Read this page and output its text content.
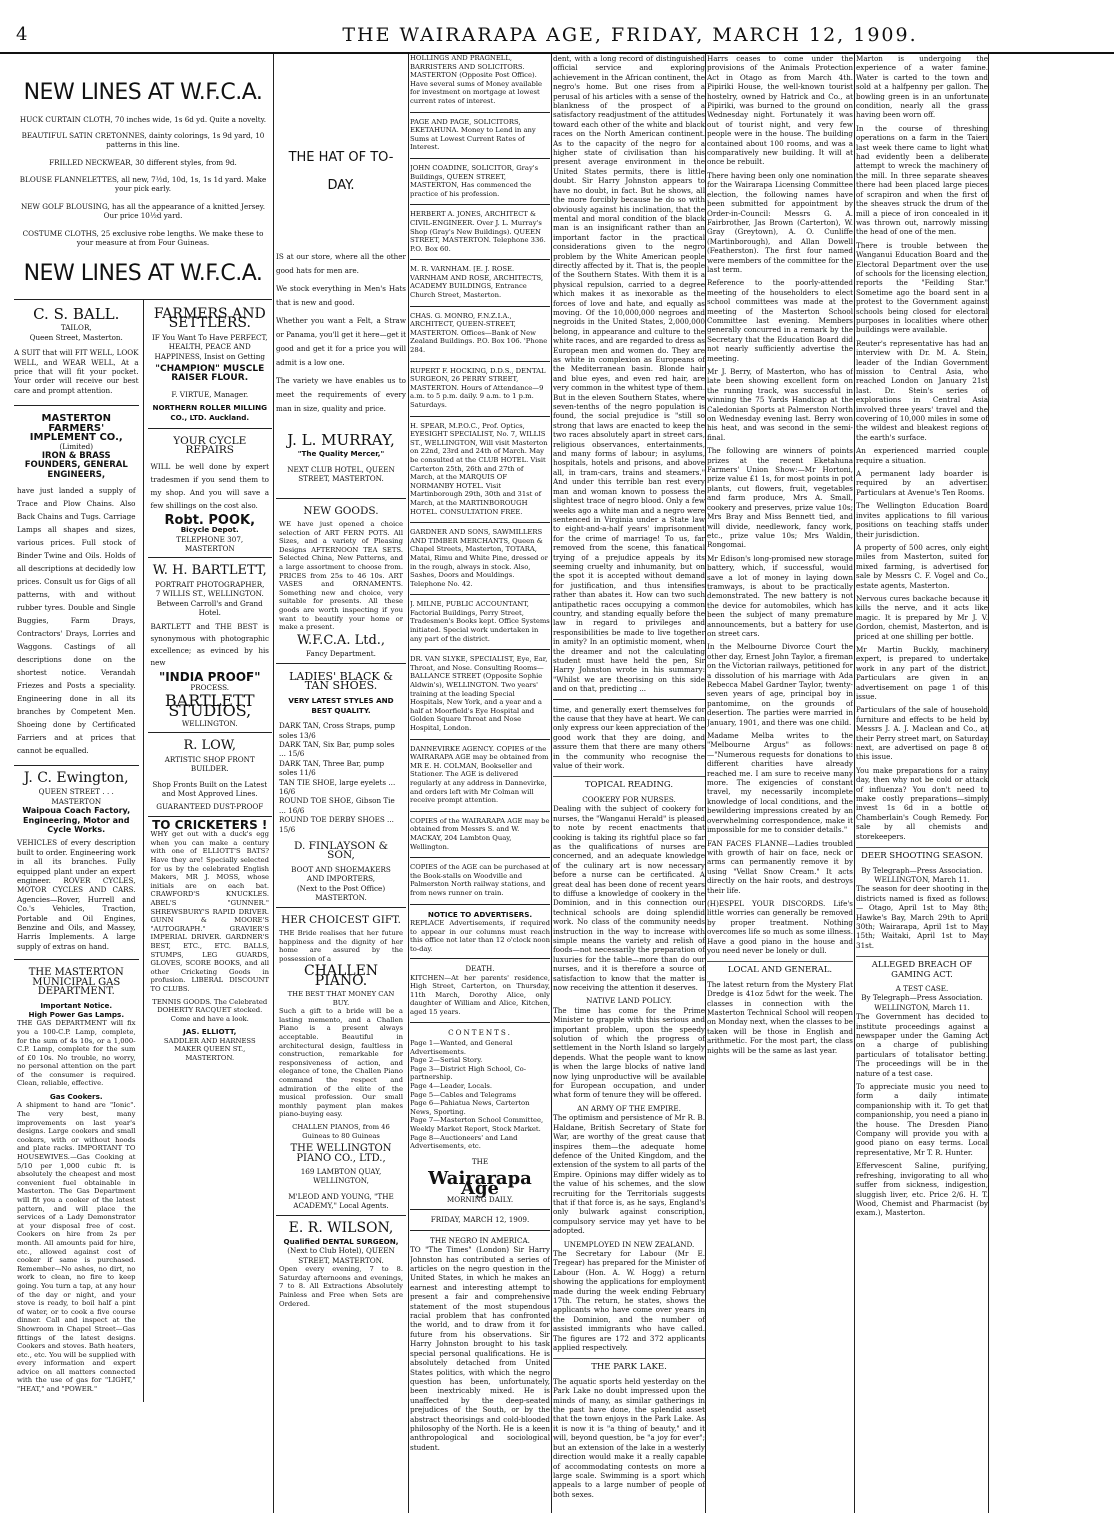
4	THE WAIRARAPA AGE, FRIDAY, MARCH 12, 1909.
NEW LINES AT W.F.C.A.
HUCK CURTAIN CLOTH, 70 inches wide, 1s 6d yd. Quite a novelty.
BEAUTIFUL SATIN CRETONNES, dainty colorings, 1s 9d yard, 10 patterns in this line.
FRILLED NECKWEAR, 30 different styles, from 9d.
BLOUSE FLANNELETTES, all new, 7½d, 10d, 1s, 1s 1d yard. Make your pick early.
NEW GOLF BLOUSING, has all the appearance of a knitted Jersey. Our price 10½d yard.
COSTUME CLOTHS, 25 exclusive robe lengths. We make these to your measure at from Four Guineas.
NEW LINES AT W.F.C.A.
C. S. BALL.
TAILOR,
Queen Street, Masterton.

A SUIT that will FIT WELL, LOOK WELL, and WEAR WELL, At a price that will fit your pocket. Your order will receive our best care and prompt attention.

MASTERTON FARMERS' IMPLEMENT CO.,
(Limited)
IRON & BRASS FOUNDERS, GENERAL ENGINEERS,

have just landed a supply of Trace and Plow Chains. Also Back Chains and Tugs. Carriage Lamps all shapes and sizes, various prices. Full stock of Binder Twine and Oils. Holds of all descriptions at decidedly low prices. Consult us for Gigs of all patterns, with and without rubber tyres. Double and Single Buggies, Farm Drays, Contractors' Drays, Lorries and Waggons. Castings of all descriptions done on the shortest notice. Verandah Friezes and Posts a speciality. Engineering done in all its branches by Competent Men. Shoeing done by Certificated Farriers and at prices that cannot be equalled.

J. C. Ewington,
QUEEN STREET . . . MASTERTON
Waipoua Coach Factory, Engineering, Motor and Cycle Works.

VEHICLES of every description built to order. Engineering work in all its branches. Fully equipped plant under an expert engineer. ROVER CYCLES, MOTOR CYCLES AND CARS. Agencies—Rover, Hurrell and Co.'s Vehicles, Traction, Portable and Oil Engines, Benzine and Oils, and Massey, Harris Implements. A large supply of extras on hand.

THE MASTERTON MUNICIPAL GAS DEPARTMENT.
Important Notice.
High Power Gas Lamps.

THE GAS DEPARTMENT will fix you a 100-C.P. Lamp, complete, for the sum of 4s 10s, or a 1,000-C.P. Lamp, complete for the sum of £0 10s. No trouble, no worry, no personal attention on the part of the consumer is required. Clean, reliable, effective.

Gas Cookers.

A shipment to hand are "Ionic". The very best, many improvements on last year's designs. Large cookers and small cookers, with or without hoods and plate racks. IMPORTANT TO HOUSEWIVES.—Gas Cooking at 5/10 per 1,000 cubic ft. is absolutely the cheapest and most convenient fuel obtainable in Masterton. The Gas Department will fit you a cooker of the latest pattern, and will place the services of a Lady Demonstrator at your disposal free of cost. Cookers on hire from 2s per month. All amounts paid for hire, etc., allowed against cost of cooker if same is purchased. Remember—No ashes, no dirt, no work to clean, no fire to keep going. You turn a tap, at any hour of the day or night, and your stove is ready, to boil half a pint of water, or to cook a five course dinner. Call and inspect at the Showroom in Chapel Street—Gas fittings of the latest designs. Cookers and stoves. Bath heaters, etc., etc. You will be supplied with every information and expert advice on all matters connected with the use of gas for "LIGHT," "HEAT," and "POWER."

FARMERS AND SETTLERS.

IF You Want To Have PERFECT, HEALTH, PEACE AND HAPPINESS, Insist on Getting

"CHAMPION" MUSCLE RAISER FLOUR.
F. VIRTUE, Manager.
NORTHERN ROLLER MILLING CO., LTD. Auckland.
YOUR CYCLE REPAIRS

WILL be well done by expert tradesmen if you send them to my shop. And you will save a few shillings on the cost also.

Robt. POOK,
Bicycle Depot.
TELEPHONE 307, MASTERTON
W. H. BARTLETT,
PORTRAIT PHOTOGRAPHER,
7 WILLIS ST., WELLINGTON.
Between Carroll's and Grand Hotel.

BARTLETT and THE BEST is synonymous with photographic excellence; as evinced by his new

"INDIA PROOF"
PROCESS.
BARTLETT STUDIOS,
WELLINGTON.
R. LOW,
ARTISTIC SHOP FRONT BUILDER.

Shop Fronts Built on the Latest and Most Approved Lines.

GUARANTEED DUST-PROOF
TO CRICKETERS !

WHY get out with a duck's egg when you can make a century with one of ELLIOTT'S BATS? Have they are! Specially selected for us by the celebrated English Makers, MR J. MOSS, whose initials are on each bat. CRAWFORD'S KNUCKLES. ABEL'S "GUNNER." SHREWSBURY'S RAPID DRIVER. GUNN & MOORE'S "AUTOGRAPH." GRAVIER'S IMPERIAL DRIVER. GARDNER'S BEST, ETC., ETC. BALLS, STUMPS, LEG GUARDS, GLOVES, SCORE BOOKS, and all other Cricketing Goods in profusion. LIBERAL DISCOUNT TO CLUBS.

TENNIS GOODS. The Celebrated DOHERTY RACQUET stocked. Come and have a look.

JAS. ELLIOTT,
SADDLER AND HARNESS MAKER QUEEN ST., MASTERTON.
THE HAT OF TO-DAY.

IS at our store, where all the other good hats for men are.

We stock everything in Men's Hats that is new and good.

Whether you want a Felt, a Straw or Panama, you'll get it here—get it good and get it for a price you will admit is a low one.

The variety we have enables us to meet the requirements of every man in size, quality and price.

J. L. MURRAY,
"The Quality Mercer,"
NEXT CLUB HOTEL, QUEEN STREET, MASTERTON.
NEW GOODS.

WE have just opened a choice selection of ART FERN POTS. All Sizes, and a variety of Pleasing Designs AFTERNOON TEA SETS. Selected China, New Patterns, and a large assortment to choose from. PRICES from 25s to 46 10s. ART VASES and ORNAMENTS. Something new and choice, very suitable for presents. All these goods are worth inspecting if you want to beautify your home or make a present.

W.F.C.A. Ltd.,
Fancy Department.
LADIES' BLACK & TAN SHOES.
VERY LATEST STYLES AND BEST QUALITY.
DARK TAN, Cross Straps, pump soles 13/6
DARK TAN, Six Bar, pump soles ... 15/6
DARK TAN, Three Bar, pump soles 11/6
TAN TIE SHOE, large eyelets ... 16/6
ROUND TOE SHOE, Gibson Tie ... 16/6
ROUND TOE DERBY SHOES ... 15/6
D. FINLAYSON & SON,
BOOT AND SHOEMAKERS
AND IMPORTERS,
(Next to the Post Office) MASTERTON.
HER CHOICEST GIFT.

THE Bride realises that her future happiness and the dignity of her home are assured by the possession of a

CHALLEN PIANO.
THE BEST THAT MONEY CAN BUY.

Such a gift to a bride will be a lasting memento, and a Challen Piano is a present always acceptable. Beautiful in architectural design, faultless in construction, remarkable for responsiveness of action, and elegance of tone, the Challen Piano command the respect and admiration of the elite of the musical profession. Our small monthly payment plan makes piano-buying easy.

CHALLEN PIANOS, from 46 Guineas to 80 Guineas
THE WELLINGTON PIANO CO., LTD.,
169 LAMBTON QUAY, WELLINGTON,
M'LEOD AND YOUNG, "THE ACADEMY," Local Agents.
E. R. WILSON,
Qualified DENTAL SURGEON,
(Next to Club Hotel), QUEEN STREET, MASTERTON.

Open every evening, 7 to 8. Saturday afternoons and evenings, 7 to 8. All Extractions Absolutely Painless and Free when Sets are Ordered.

HOLLINGS AND PRAGNELL, BARRISTERS AND SOLICITORS. MASTERTON (Opposite Post Office). Have several sums of Money available for investment on mortgage at lowest current rates of interest.
PAGE AND PAGE, SOLICITORS, EKETAHUNA. Money to Lend in any Sums at Lowest Current Rates of Interest.
JOHN COADINE, SOLICITOR, Gray's Buildings, QUEEN STREET, MASTERTON, Has commenced the practice of his profession.
HERBERT A. JONES, ARCHITECT & CIVIL-ENGINEER. Over J. L. Murray's Shop (Gray's New Buildings). QUEEN STREET, MASTERTON. Telephone 336. P.O. Box 60.
M. R. VARNHAM. [E. J. ROSE. VARNHAM AND ROSE, ARCHITECTS, ACADEMY BUILDINGS, Entrance Church Street, Masterton.
CHAS. G. MONRO, F.N.Z.I.A., ARCHITECT, QUEEN-STREET, MASTERTON. Offices—Bank of New Zealand Buildings. P.O. Box 106. 'Phone 284.
RUPERT F. HOCKING, D.D.S., DENTAL SURGEON, 26 PERRY STREET, MASTERTON. Hours of Attendance—9 a.m. to 5 p.m. daily. 9 a.m. to 1 p.m. Saturdays.
H. SPEAR, M.P.O.C., Prof. Optics, EYESIGHT SPECIALIST, No. 7, WILLIS ST., WELLINGTON, Will visit Masterton on 22nd, 23rd and 24th of March. May be consulted at the CLUB HOTEL. Visit Carterton 25th, 26th and 27th of March, at the MARQUIS OF NORMANBY HOTEL. Visit Martinborough 29th, 30th and 31st of March, at the MARTINBOROUGH HOTEL. CONSULTATION FREE.
GARDNER AND SONS, SAWMILLERS AND TIMBER MERCHANTS, Queen & Chapel Streets, Masterton, TOTARA, Matai, Rimu and White Pine, dressed or in the rough, always in stock. Also, Sashes, Doors and Mouldings. Telephone No. 42.
J. MILNE, PUBLIC ACCOUNTANT, Factorial Buildings, Perry Street, Tradesmen's Books kept. Office Systems initiated. Special work undertaken in any part of the district.
DR. VAN SLYKE, SPECIALIST, Eye, Ear, Throat, and Nose. Consulting Rooms—BALLANCE STREET (Opposite Sophie Aldwin's), WELLINGTON. Two years' training at the leading Special Hospitals, New York, and a year and a half at Moorfield's Eye Hospital and Golden Square Throat and Nose Hospital, London.
DANNEVIRKE AGENCY. COPIES of the WAIRARAPA AGE may be obtained from MR E. H. COLMAN, Bookseller and Stationer. The AGE is delivered regularly at any address in Dannevirke, and orders left with Mr Colman will receive prompt attention.
COPIES of the WAIRARAPA AGE may be obtained from Messrs S. and W. MACKAY, 204 Lambton Quay, Wellington.
COPIES of the AGE can be purchased at the Book-stalls on Woodville and Palmerston North railway stations, and from news runner on train.
NOTICE TO ADVERTISERS.

REPLACE Advertisements, if required to appear in our columns must reach this office not later than 12 o'clock noon to-day.

DEATH.

KITCHEN—At her parents' residence, High Street, Carterton, on Thursday, 11th March, Dorothy Alice, only daughter of William and Alice, Kitchen, aged 15 years.

CONTENTS.
Page 1—Wanted, and General Advertisements.
Page 2—Serial Story.
Page 3—District High School, Co-partnership.
Page 4—Leader, Locals.
Page 5—Cables and Telegrams
Page 6—Pahiatua News, Carterton News, Sporting.
Page 7—Masterton School Committee, Weekly Market Report, Stock Market.
Page 8—Auctioneers' and Land Advertisements, etc.
THE
Wairarapa Age
MORNING DAILY.
FRIDAY, MARCH 12, 1909.
THE NEGRO IN AMERICA.

TO "The Times" (London) Sir Harry Johnston has contributed a series of articles on the negro question in the United States, in which he makes an earnest and interesting attempt to present a fair and comprehensive statement of the most stupendous racial problem that has confronted the world, and to draw from it for future from his observations. Sir Harry Johnston brought to his task special personal qualifications. He is absolutely detached from United States politics, with which the negro question has been, unfortunately, been inextricably mixed. He is unaffected by the deep-seated prejudices of the South, or by the abstract theorisings and cold-blooded philosophy of the North. He is a keen anthropological and sociological student.

dent, with a long record of distinguished official service and exploring achievement in the African continent, the negro's home. But one rises from a perusal of his articles with a sense of the blankness of the prospect of a satisfactory readjustment of the attitudes toward each other of the white and black races on the North American continent. As to the capacity of the negro for a higher state of civilisation than his present average environment in the United States permits, there is little doubt. Sir Harry Johnston appears to have no doubt, in fact. But he shows, all the more forcibly because he do so with obviously against his inclination, that the mental and moral condition of the black man is an insignificant rather than an important factor in the practical considerations given to the negro problem by the White American people directly affected by it. That is, the people of the Southern States. With them it is a physical repulsion, carried to a degree which makes it as inexorable as the forces of love and hate, and equally as moving. Of the 10,000,000 negroes and negroids in the United States, 2,000,000 belong, in appearance and culture to the white races, and are regarded to dress as European men and women do. They are as white in complexion as Europeans of the Mediterranean basin. Blonde hair and blue eyes, and even red hair, are very common in the whitest type of them. But in the eleven Southern States, where seven-tenths of the negro population is found, the social prejudice is "still so strong that laws are enacted to keep the two races absolutely apart in street cars, religious observances, entertainments, and many forms of labour; in asylums, hospitals, hotels and prisons, and above all, in tram-cars, trains and steamers." And under this terrible ban rest every man and woman known to possess the slightest trace of negro blood. Only a few weeks ago a white man and a negro were sentenced in Virginia under a State law to eight-and-a-half years' imprisonment for the crime of marriage! To us, far removed from the scene, this fanatical trying of a prejudice appeals by its seeming cruelty and inhumanity, but on the spot it is accepted without demand for justification, and thus intensifies rather than abates it. How can two such antipathetic races occupying a common country, and standing equally before the law in regard to privileges and responsibilities be made to live together in amity? In an optimistic moment, when the dreamer and not the calculating student must have held the pen, Sir Harry Johnston wrote in his summary: "Whilst we are theorising on this side and on that, predicting ...

time, and generally exert themselves for the cause that they have at heart. We can only express our keen appreciation of the good work that they are doing, and assure them that there are many others in the community who recognise the value of their work.

TOPICAL READING.
COOKERY FOR NURSES.

Dealing with the subject of cookery for nurses, the "Wanganui Herald" is pleased to note by recent enactments that cooking is taking its rightful place so far as the qualifications of nurses are concerned, and an adequate knowledge of the culinary art is now necessary before a nurse can be certificated. A great deal has been done of recent years to diffuse a knowledge of cookery in the Dominion, and in this connection our technical schools are doing splendid work. No class of the community needs instruction in the way to increase with simple means the variety and relish of foods—not necessarily the preparation of luxuries for the table—more than do our nurses, and it is therefore a source of satisfaction to know that the matter is now receiving the attention it deserves.

NATIVE LAND POLICY.

The time has come for the Prime Minister to grapple with this serious and important problem, upon the speedy solution of which the progress of settlement in the North Island so largely depends. What the people want to know is when the large blocks of native land now lying unproductive will be available for European occupation, and under what form of tenure they will be offered.

AN ARMY OF THE EMPIRE.

The optimism and persistence of Mr R. B. Haldane, British Secretary of State for War, are worthy of the great cause that inspires them—the adequate home defence of the United Kingdom, and the extension of the system to all parts of the Empire. Opinions may differ widely as to the value of his schemes, and the slow recruiting for the Territorials suggests that if that force is, as he says, England's only bulwark against conscription, compulsory service may yet have to be adopted.

UNEMPLOYED IN NEW ZEALAND.

The Secretary for Labour (Mr E. Tregear) has prepared for the Minister of Labour (Hon. A. W. Hogg) a return showing the applications for employment made during the week ending February 17th. The return, he states, shows the applicants who have come over years in the Dominion, and the number of assisted immigrants who have called. The figures are 172 and 372 applicants applied respectively.

THE PARK LAKE.

The aquatic sports held yesterday on the Park Lake no doubt impressed upon the minds of many, as similar gatherings in the past have done, the splendid asset that the town enjoys in the Park Lake. As it is now it is "a thing of beauty," and it will, beyond question, be "a joy for ever"; but an extension of the lake in a westerly direction would make it a really capable of accommodating contests on more a large scale. Swimming is a sport which appeals to a large number of people of both sexes.

Harrs ceases to come under the provisions of the Animals Protection Act in Otago as from March 4th. Pipiriki House, the well-known tourist hostelry, owned by Hatrick and Co., at Pipiriki, was burned to the ground on Wednesday night. Fortunately it was out of tourist night, and very few people were in the house. The building contained about 100 rooms, and was a comparatively new building. It will at once be rebuilt.

There having been only one nomination for the Wairarapa Licensing Committee election, the following names have been submitted for appointment by Order-in-Council: Messrs G. A. Fairbrother, Jas Brown (Carterton), W. Gray (Greytown), A. O. Cunliffe (Martinborough), and Allan Dowell (Featherston). The first four named were members of the committee for the last term.

Reference to the poorly-attended meeting of the householders to elect school committees was made at the meeting of the Masterton School Committee last evening. Members generally concurred in a remark by the Secretary that the Education Board did not nearly sufficiently advertise the meeting.

Mr J. Berry, of Masterton, who has of late been showing excellent form on the running track, was successful in winning the 75 Yards Handicap at the Caledonian Sports at Palmerston North on Wednesday evening last. Berry won his heat, and was second in the semi-final.

The following are winners of points prizes at the recent Eketahuna Farmers' Union Show:—Mr Hortoni, prize value £1 1s, for most points in pot plants, cut flowers, fruit, vegetables and farm produce, Mrs A. Small, cookery and preserves, prize value 10s; Mrs Bray and Miss Bennett tied, and will divide, needlework, fancy work, etc., prize value 10s; Mrs Waldin, Rongomai.

Mr Edison's long-promised new storage battery, which, if successful, would save a lot of money in laying down tramways, is about to be practically demonstrated. The new battery is not the device for automobiles, which has been the subject of many premature announcements, but a battery for use on street cars.

In the Melbourne Divorce Court the other day, Ernest John Taylor, a fireman on the Victorian railways, petitioned for a dissolution of his marriage with Ada Rebecca Mabel Gardner Taylor, twenty-seven years of age, principal boy in pantomime, on the grounds of desertion. The parties were married in January, 1901, and there was one child.

Madame Melba writes to the "Melbourne Argus" as follows:—"Numerous requests for donations to different charities have already reached me. I am sure to receive many more. The exigencies of constant travel, my necessarily incomplete knowledge of local conditions, and the bewildering impressions created by an overwhelming correspondence, make it impossible for me to consider details."

FAN FACES FLANNE—Ladies troubled with growth of hair on face, neck or arms can permanently remove it by using "Vellat Snow Cream." It acts directly on the hair roots, and destroys their life.

(H)ESPEL YOUR DISCORDS. Life's little worries can generally be removed by proper treatment. Nothing overcomes life so much as some illness. Have a good piano in the house and you need never be lonely or dull.

LOCAL AND GENERAL.

The latest return from the Mystery Flat Dredge is 41oz 5dwt for the week. The classes in connection with the Masterton Technical School will reopen on Monday next, when the classes to be taken will be those in English and arithmetic. For the most part, the class nights will be the same as last year.

Marton is undergoing the experience of a water famine. Water is carted to the town and sold at a halfpenny per gallon. The bowling green is in an unfortunate condition, nearly all the grass having been worn off.

In the course of threshing operations on a farm in the Taieri last week there came to light what had evidently been a deliberate attempt to wreck the machinery of the mill. In three separate sheaves there had been placed large pieces of scrapiron and when the first of the sheaves struck the drum of the mill a piece of iron concealed in it was thrown out, narrowly missing the head of one of the men.

There is trouble between the Wanganui Education Board and the Electoral Department over the use of schools for the licensing election, reports the "Feilding Star." Sometime ago the board sent in a protest to the Government against schools being closed for electoral purposes in localities where other buildings were available.

Reuter's representative has had an interview with Dr. M. A. Stein, leader of the Indian Government mission to Central Asia, who reached London on January 21st last. Dr. Stein's series of explorations in Central Asia involved three years' travel and the covering of 10,000 miles in some of the wildest and bleakest regions of the earth's surface.

An experienced married couple require a situation.

A permanent lady boarder is required by an advertiser. Particulars at Avenue's Ten Rooms.

The Wellington Education Board invites applications to fill various positions on teaching staffs under their jurisdiction.

A property of 500 acres, only eight miles from Masterton, suited for mixed farming, is advertised for sale by Messrs C. F. Vogel and Co., estate agents, Masterton.

Nervous cures backache because it kills the nerve, and it acts like magic. It is prepared by Mr J. V. Gordon, chemist, Masterton, and is priced at one shilling per bottle.

Mr Martin Buckly, machinery expert, is prepared to undertake work in any part of the district. Particulars are given in an advertisement on page 1 of this issue.

Particulars of the sale of household furniture and effects to be held by Messrs J. A. J. Maclean and Co., at their Perry street mart, on Saturday next, are advertised on page 8 of this issue.

You make preparations for a rainy day, then why not be cold or attack of influenza? You don't need to make costly preparations—simply invest 1s 6d in a bottle of Chamberlain's Cough Remedy. For sale by all chemists and storekeepers.

DEER SHOOTING SEASON.
By Telegraph—Press Association. WELLINGTON, March 11.

The season for deer shooting in the districts named is fixed as follows:— Otago, April 1st to May 8th; Hawke's Bay, March 29th to April 30th; Wairarapa, April 1st to May 15th; Waitaki, April 1st to May 31st.

ALLEGED BREACH OF GAMING ACT.
A TEST CASE.
By Telegraph—Press Association. WELLINGTON, March 11.

The Government has decided to institute proceedings against a newspaper under the Gaming Act on a charge of publishing particulars of totalisator betting. The proceedings will be in the nature of a test case.

To appreciate music you need to form a daily intimate companionship with it. To get that companionship, you need a piano in the house. The Dresden Piano Company will provide you with a good piano on easy terms. Local representative, Mr T. R. Hunter.

Effervescent Saline, purifying, refreshing, invigorating to all who suffer from sickness, indigestion, sluggish liver, etc. Price 2/6. H. T. Wood, Chemist and Pharmacist (by exam.), Masterton.
